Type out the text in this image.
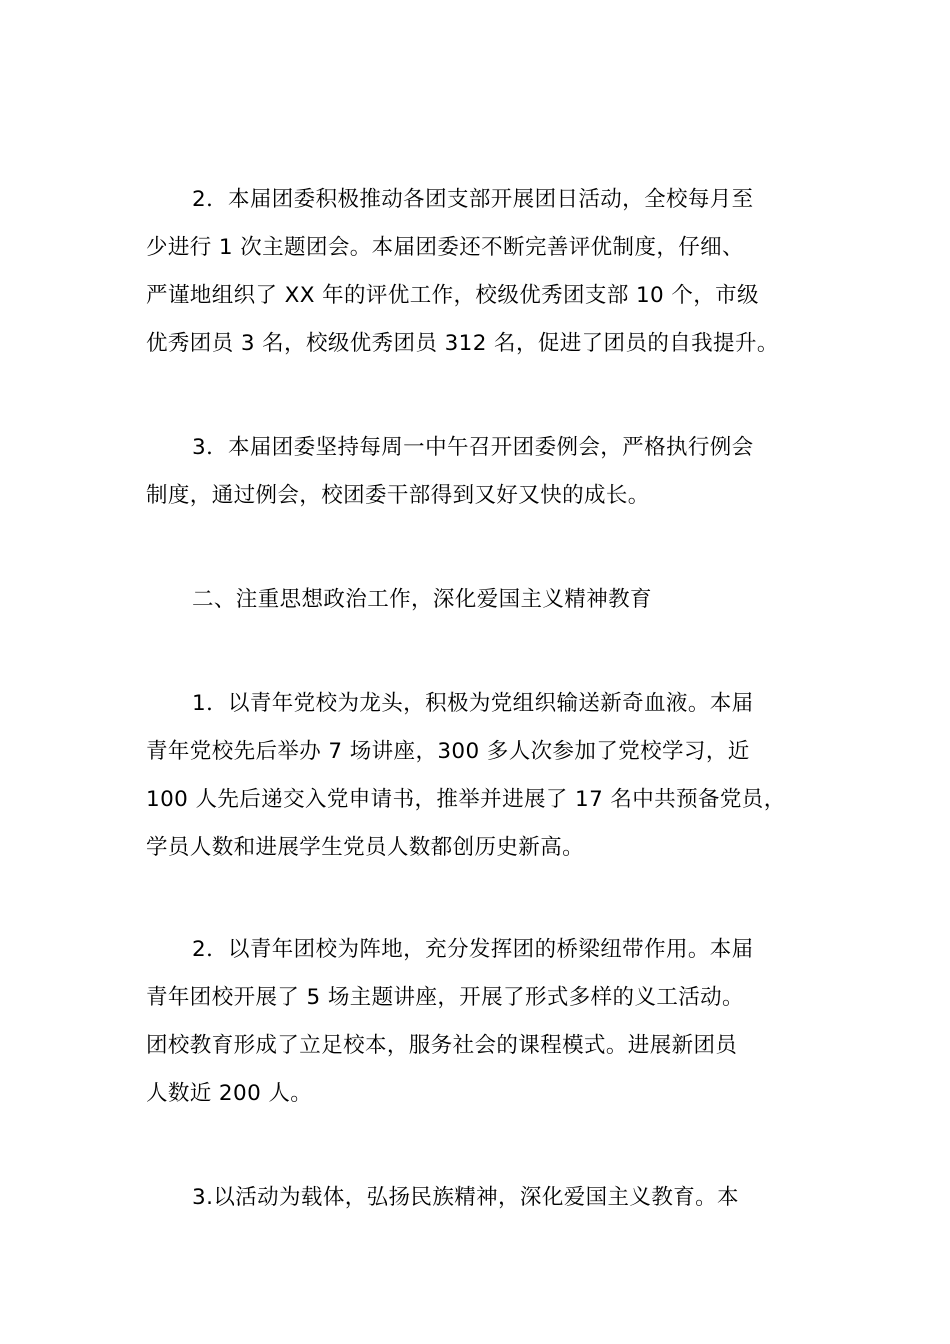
2．本届团委积极推动各团支部开展团日活动，全校每月至
少进行 1 次主题团会。本届团委还不断完善评优制度，仔细、
严谨地组织了 XX 年的评优工作，校级优秀团支部 10 个，市级
优秀团员 3 名，校级优秀团员 312 名，促进了团员的自我提升。
3．本届团委坚持每周一中午召开团委例会，严格执行例会
制度，通过例会，校团委干部得到又好又快的成长。
二、注重思想政治工作，深化爱国主义精神教育
1．以青年党校为龙头，积极为党组织输送新奇血液。本届
青年党校先后举办 7 场讲座，300 多人次参加了党校学习，近
100 人先后递交入党申请书，推举并进展了 17 名中共预备党员，
学员人数和进展学生党员人数都创历史新高。
2．以青年团校为阵地，充分发挥团的桥梁纽带作用。本届
青年团校开展了 5 场主题讲座，开展了形式多样的义工活动。
团校教育形成了立足校本，服务社会的课程模式。进展新团员
人数近 200 人。
3.以活动为载体，弘扬民族精神，深化爱国主义教育。本
